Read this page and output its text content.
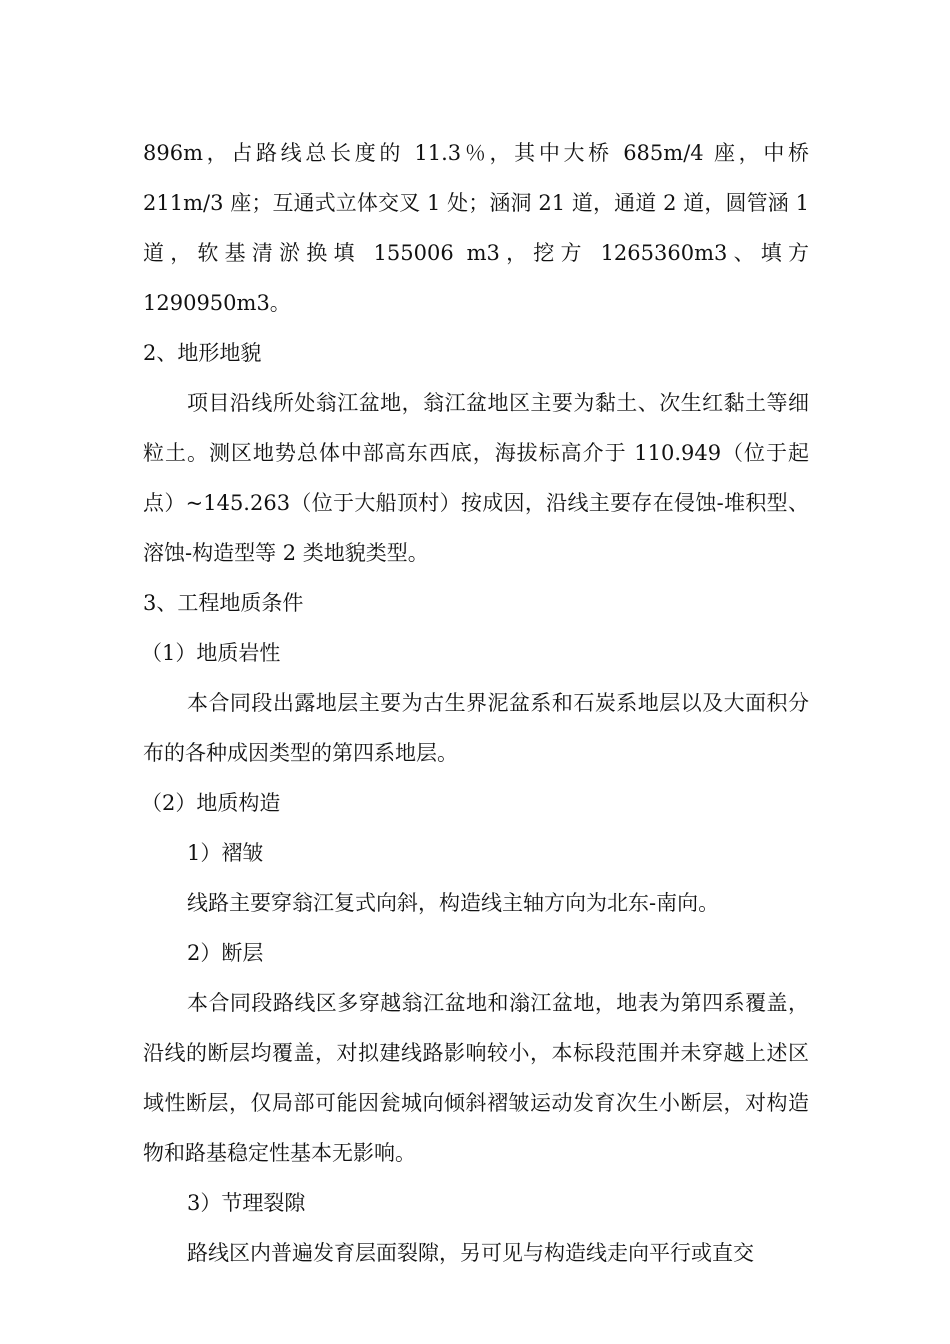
896m，占路线总长度的 11.3％，其中大桥 685m/4 座，中桥 211m/3 座；互通式立体交叉 1 处；涵洞 21 道，通道 2 道，圆管涵 1 道，软基清淤换填 155006 m3，挖方 1265360m3、填方 1290950m3。

2、地形地貌

项目沿线所处翁江盆地，翁江盆地区主要为黏土、次生红黏土等细粒土。测区地势总体中部高东西底，海拔标高介于 110.949（位于起点）~145.263（位于大船顶村）按成因，沿线主要存在侵蚀-堆积型、溶蚀-构造型等 2 类地貌类型。

3、工程地质条件

（1）地质岩性

本合同段出露地层主要为古生界泥盆系和石炭系地层以及大面积分布的各种成因类型的第四系地层。

（2）地质构造

1）褶皱

线路主要穿翁江复式向斜，构造线主轴方向为北东-南向。

2）断层

本合同段路线区多穿越翁江盆地和滃江盆地，地表为第四系覆盖，沿线的断层均覆盖，对拟建线路影响较小，本标段范围并未穿越上述区域性断层，仅局部可能因瓮城向倾斜褶皱运动发育次生小断层，对构造物和路基稳定性基本无影响。

3）节理裂隙

路线区内普遍发育层面裂隙，另可见与构造线走向平行或直交
